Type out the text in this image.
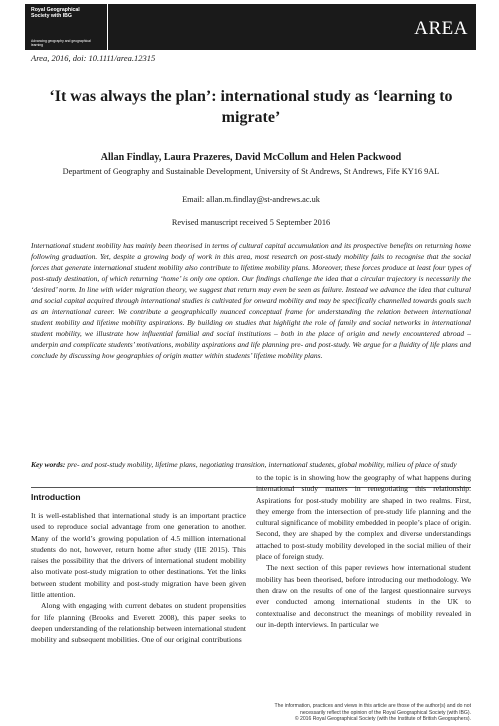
Royal Geographical Society with IBG
Advancing geography and geographical learning
AREA
Area, 2016, doi: 10.1111/area.12315
‘It was always the plan’: international study as ‘learning to migrate’
Allan Findlay, Laura Prazeres, David McCollum and Helen Packwood
Department of Geography and Sustainable Development, University of St Andrews, St Andrews, Fife KY16 9AL
Email: allan.m.findlay@st-andrews.ac.uk
Revised manuscript received 5 September 2016
International student mobility has mainly been theorised in terms of cultural capital accumulation and its prospective benefits on returning home following graduation. Yet, despite a growing body of work in this area, most research on post-study mobility fails to recognise that the social forces that generate international student mobility also contribute to lifetime mobility plans. Moreover, these forces produce at least four types of post-study destination, of which returning ‘home’ is only one option. Our findings challenge the idea that a circular trajectory is necessarily the ‘desired’ norm. In line with wider migration theory, we suggest that return may even be seen as failure. Instead we advance the idea that cultural and social capital acquired through international studies is cultivated for onward mobility and may be specifically channelled towards goals such as an international career. We contribute a geographically nuanced conceptual frame for understanding the relation between international student mobility and lifetime mobility aspirations. By building on studies that highlight the role of family and social networks in international student mobility, we illustrate how influential familial and social institutions – both in the place of origin and newly encountered abroad – underpin and complicate students’ motivations, mobility aspirations and life planning pre- and post-study. We argue for a fluidity of life plans and conclude by discussing how geographies of origin matter within students’ lifetime mobility plans.
Key words: pre- and post-study mobility, lifetime plans, negotiating transition, international students, global mobility, milieu of place of study
Introduction

It is well-established that international study is an important practice used to reproduce social advantage from one generation to another. Many of the world’s growing population of 4.5 million international students do not, however, return home after study (IIE 2015). This raises the possibility that the drivers of international student mobility also motivate post-study migration to other destinations. Yet the links between student mobility and post-study migration have been given little attention.

Along with engaging with current debates on student propensities for life planning (Brooks and Everett 2008), this paper seeks to deepen understanding of the relationship between international student mobility and subsequent mobilities. One of our original contributions

to the topic is in showing how the geography of what happens during international study matters in renegotiating this relationship. Aspirations for post-study mobility are shaped in two realms. First, they emerge from the intersection of pre-study life planning and the cultural significance of mobility embedded in people’s place of origin. Second, they are shaped by the complex and diverse understandings attached to post-study mobility developed in the social milieu of their place of foreign study.

The next section of this paper reviews how international student mobility has been theorised, before introducing our methodology. We then draw on the results of one of the largest questionnaire surveys ever conducted among international students in the UK to contextualise and deconstruct the meanings of mobility revealed in our in-depth interviews. In particular we

The information, practices and views in this article are those of the author(s) and do not
necessarily reflect the opinion of the Royal Geographical Society (with IBG).
© 2016 Royal Geographical Society (with the Institute of British Geographers).
